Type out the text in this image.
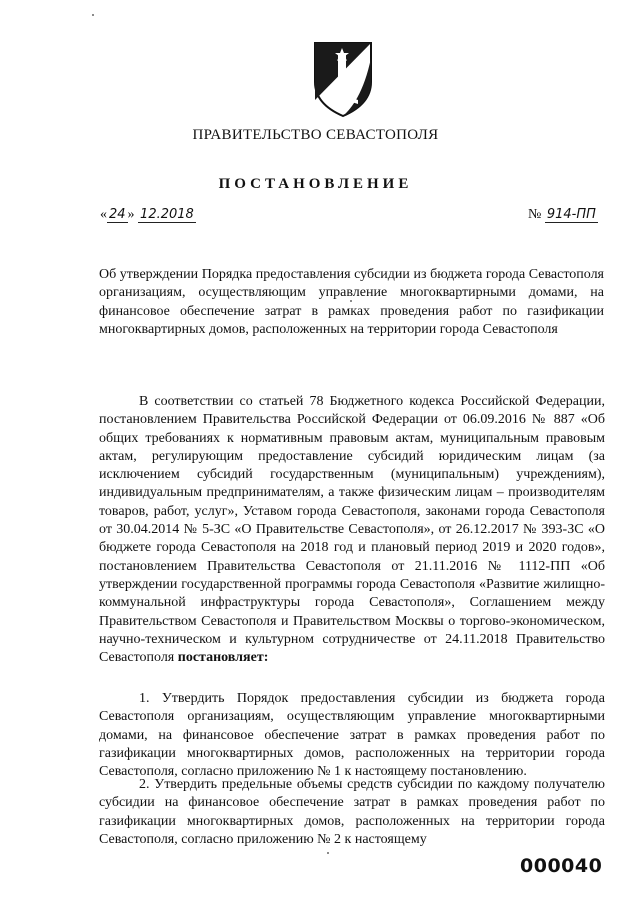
ПРАВИТЕЛЬСТВО СЕВАСТОПОЛЯ
ПОСТАНОВЛЕНИЕ
« 24 » 12.2018	№ 914-ПП
Об утверждении Порядка предоставления субсидии из бюджета города Севастополя организациям, осуществляющим управление многоквартирными домами, на финансовое обеспечение затрат в рамках проведения работ по газификации многоквартирных домов, расположенных на территории города Севастополя
В соответствии со статьей 78 Бюджетного кодекса Российской Федерации, постановлением Правительства Российской Федерации от 06.09.2016 № 887 «Об общих требованиях к нормативным правовым актам, муниципальным правовым актам, регулирующим предоставление субсидий юридическим лицам (за исключением субсидий государственным (муниципальным) учреждениям), индивидуальным предпринимателям, а также физическим лицам – производителям товаров, работ, услуг», Уставом города Севастополя, законами города Севастополя от 30.04.2014 № 5-ЗС «О Правительстве Севастополя», от 26.12.2017 № 393-ЗС «О бюджете города Севастополя на 2018 год и плановый период 2019 и 2020 годов», постановлением Правительства Севастополя от 21.11.2016 № 1112-ПП «Об утверждении государственной программы города Севастополя «Развитие жилищно-коммунальной инфраструктуры города Севастополя», Соглашением между Правительством Севастополя и Правительством Москвы о торгово-экономическом, научно-техническом и культурном сотрудничестве от 24.11.2018 Правительство Севастополя постановляет:
1. Утвердить Порядок предоставления субсидии из бюджета города Севастополя организациям, осуществляющим управление многоквартирными домами, на финансовое обеспечение затрат в рамках проведения работ по газификации многоквартирных домов, расположенных на территории города Севастополя, согласно приложению № 1 к настоящему постановлению.
2. Утвердить предельные объемы средств субсидии по каждому получателю субсидии на финансовое обеспечение затрат в рамках проведения работ по газификации многоквартирных домов, расположенных на территории города Севастополя, согласно приложению № 2 к настоящему
000040
